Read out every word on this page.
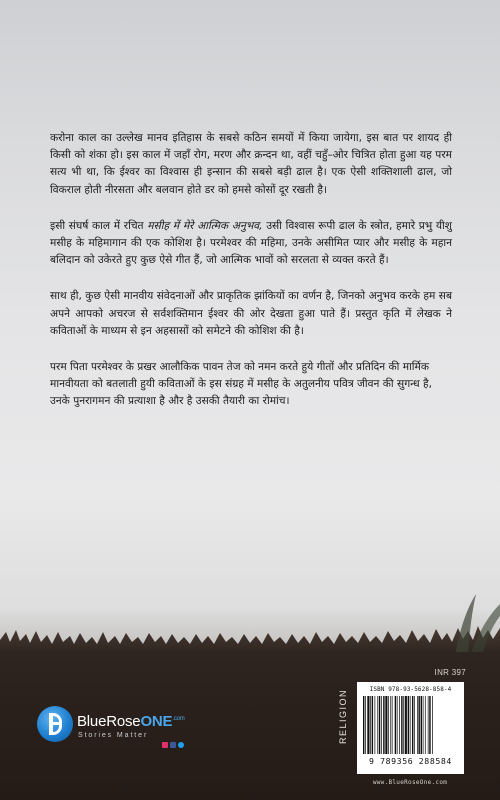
करोना काल का उल्लेख मानव इतिहास के सबसे कठिन समयों में किया जायेगा, इस बात पर शायद ही किसी को शंका हो। इस काल में जहाँ रोग, मरण और क्रन्दन था, वहीं चहुँ–ओर चित्रित होता हुआ यह परम सत्य भी था, कि ईश्वर का विश्वास ही इन्सान की सबसे बड़ी ढाल है। एक ऐसी शक्तिशाली ढाल, जो विकराल होती नीरसता और बलवान होते डर को हमसे कोसों दूर रखती है।

इसी संघर्ष काल में रचित मसीह में मेरे आत्मिक अनुभव, उसी विश्वास रूपी ढाल के स्त्रोत, हमारे प्रभु यीशु मसीह के महिमागान की एक कोशिश है। परमेश्वर की महिमा, उनके असीमित प्यार और मसीह के महान बलिदान को उकेरते हुए कुछ ऐसे गीत हैं, जो आत्मिक भावों को सरलता से व्यक्त करते हैं।

साथ ही, कुछ ऐसी मानवीय संवेदनाओं और प्राकृतिक झांकियों का वर्णन है, जिनको अनुभव करके हम सब अपने आपको अचरज से सर्वशक्तिमान ईश्वर की ओर देखता हुआ पाते हैं। प्रस्तुत कृति में लेखक ने कविताओं के माध्यम से इन अहसासों को समेटने की कोशिश की है।

परम पिता परमेश्वर के प्रखर आलौकिक पावन तेज को नमन करते हुये गीतों और प्रतिदिन की मार्मिक मानवीयता को बतलाती हुयी कविताओं के इस संग्रह में मसीह के अतुलनीय पवित्र जीवन की सुगन्ध है, उनके पुनरागमन की प्रत्याशा है और है उसकी तैयारी का रोमांच।

INR 397
BlueRoseONE$^{.com}$
Stories Matter	RELIGION	ISBN 978-93-5628-858-4
9 789356 288584
www.BlueRoseOne.com
